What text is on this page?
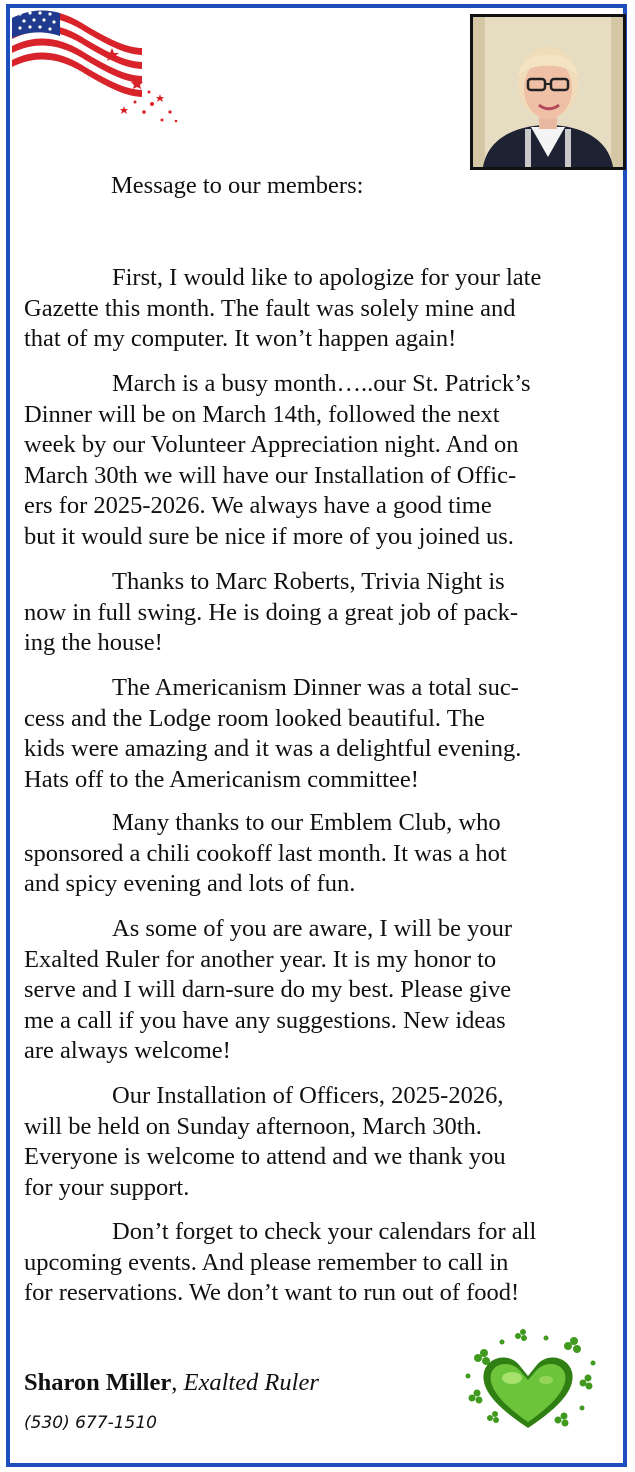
Message to our members:
First, I would like to apologize for your late
Gazette this month. The fault was solely mine and
that of my computer. It won’t happen again!
March is a busy month…..our St. Patrick’s
Dinner will be on March 14th, followed the next
week by our Volunteer Appreciation night. And on
March 30th we will have our Installation of Offic-
ers for 2025-2026. We always have a good time
but it would sure be nice if more of you joined us.
Thanks to Marc Roberts, Trivia Night is
now in full swing. He is doing a great job of pack-
ing the house!
The Americanism Dinner was a total suc-
cess and the Lodge room looked beautiful. The
kids were amazing and it was a delightful evening.
Hats off to the Americanism committee!
Many thanks to our Emblem Club, who
sponsored a chili cookoff last month. It was a hot
and spicy evening and lots of fun.
As some of you are aware, I will be your
Exalted Ruler for another year. It is my honor to
serve and I will darn-sure do my best. Please give
me a call if you have any suggestions. New ideas
are always welcome!
Our Installation of Officers, 2025-2026,
will be held on Sunday afternoon, March 30th.
Everyone is welcome to attend and we thank you
for your support.
Don’t forget to check your calendars for all
upcoming events. And please remember to call in
for reservations. We don’t want to run out of food!
Sharon Miller, Exalted Ruler
(530) 677-1510
